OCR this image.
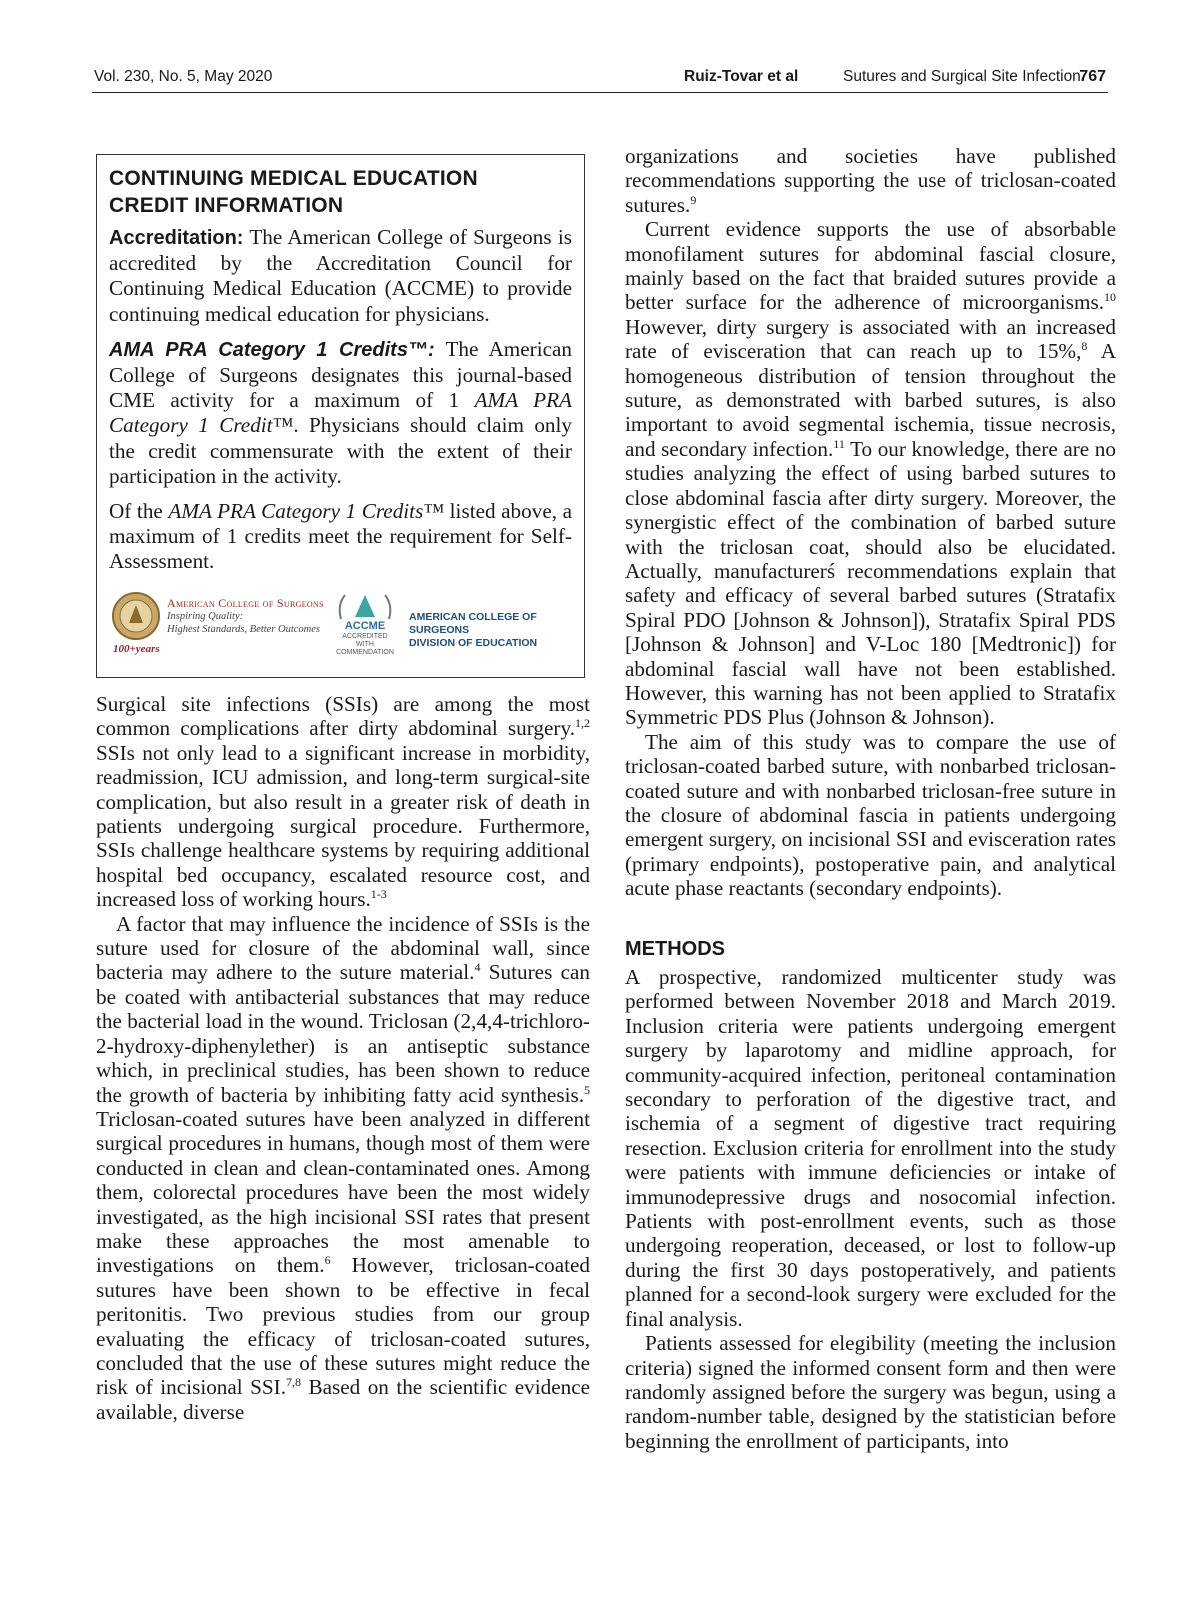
Vol. 230, No. 5, May 2020	Ruiz-Tovar et al	Sutures and Surgical Site Infection
767
CONTINUING MEDICAL EDUCATION
CREDIT INFORMATION

Accreditation: The American College of Surgeons is accredited by the Accreditation Council for Continuing Medical Education (ACCME) to provide continuing medical education for physicians.

AMA PRA Category 1 Credits™: The American College of Surgeons designates this journal-based CME activity for a maximum of 1 AMA PRA Category 1 Credit™. Physicians should claim only the credit commensurate with the extent of their participation in the activity.

Of the AMA PRA Category 1 Credits™ listed above, a maximum of 1 credits meet the requirement for Self-Assessment.

American College of Surgeons
Inspiring Quality:
Highest Standards, Better Outcomes
100+years
ACCME
ACCREDITED WITH COMMENDATION
AMERICAN COLLEGE OF SURGEONS
DIVISION OF EDUCATION

Surgical site infections (SSIs) are among the most common complications after dirty abdominal surgery.$^{1,2}$ SSIs not only lead to a significant increase in morbidity, readmission, ICU admission, and long-term surgical-site complication, but also result in a greater risk of death in patients undergoing surgical procedure. Furthermore, SSIs challenge healthcare systems by requiring additional hospital bed occupancy, escalated resource cost, and increased loss of working hours.$^{1-3}$

A factor that may influence the incidence of SSIs is the suture used for closure of the abdominal wall, since bacteria may adhere to the suture material.$^4$ Sutures can be coated with antibacterial substances that may reduce the bacterial load in the wound. Triclosan (2,4,4-trichloro-2-hydroxy-diphenylether) is an antiseptic substance which, in preclinical studies, has been shown to reduce the growth of bacteria by inhibiting fatty acid synthesis.$^5$ Triclosan-coated sutures have been analyzed in different surgical procedures in humans, though most of them were conducted in clean and clean-contaminated ones. Among them, colorectal procedures have been the most widely investigated, as the high incisional SSI rates that present make these approaches the most amenable to investigations on them.$^6$ However, triclosan-coated sutures have been shown to be effective in fecal peritonitis. Two previous studies from our group evaluating the efficacy of triclosan-coated sutures, concluded that the use of these sutures might reduce the risk of incisional SSI.$^{7,8}$ Based on the scientific evidence available, diverse

organizations and societies have published recommendations supporting the use of triclosan-coated sutures.$^9$

Current evidence supports the use of absorbable monofilament sutures for abdominal fascial closure, mainly based on the fact that braided sutures provide a better surface for the adherence of microorganisms.$^{10}$ However, dirty surgery is associated with an increased rate of evisceration that can reach up to 15%,$^8$ A homogeneous distribution of tension throughout the suture, as demonstrated with barbed sutures, is also important to avoid segmental ischemia, tissue necrosis, and secondary infection.$^{11}$ To our knowledge, there are no studies analyzing the effect of using barbed sutures to close abdominal fascia after dirty surgery. Moreover, the synergistic effect of the combination of barbed suture with the triclosan coat, should also be elucidated. Actually, manufacturerś recommendations explain that safety and efficacy of several barbed sutures (Stratafix Spiral PDO [Johnson & Johnson]), Stratafix Spiral PDS [Johnson & Johnson] and V-Loc 180 [Medtronic]) for abdominal fascial wall have not been established. However, this warning has not been applied to Stratafix Symmetric PDS Plus (Johnson & Johnson).

The aim of this study was to compare the use of triclosan-coated barbed suture, with nonbarbed triclosan-coated suture and with nonbarbed triclosan-free suture in the closure of abdominal fascia in patients undergoing emergent surgery, on incisional SSI and evisceration rates (primary endpoints), postoperative pain, and analytical acute phase reactants (secondary endpoints).

METHODS

A prospective, randomized multicenter study was performed between November 2018 and March 2019. Inclusion criteria were patients undergoing emergent surgery by laparotomy and midline approach, for community-acquired infection, peritoneal contamination secondary to perforation of the digestive tract, and ischemia of a segment of digestive tract requiring resection. Exclusion criteria for enrollment into the study were patients with immune deficiencies or intake of immunodepressive drugs and nosocomial infection. Patients with post-enrollment events, such as those undergoing reoperation, deceased, or lost to follow-up during the first 30 days postoperatively, and patients planned for a second-look surgery were excluded for the final analysis.

Patients assessed for elegibility (meeting the inclusion criteria) signed the informed consent form and then were randomly assigned before the surgery was begun, using a random-number table, designed by the statistician before beginning the enrollment of participants, into
